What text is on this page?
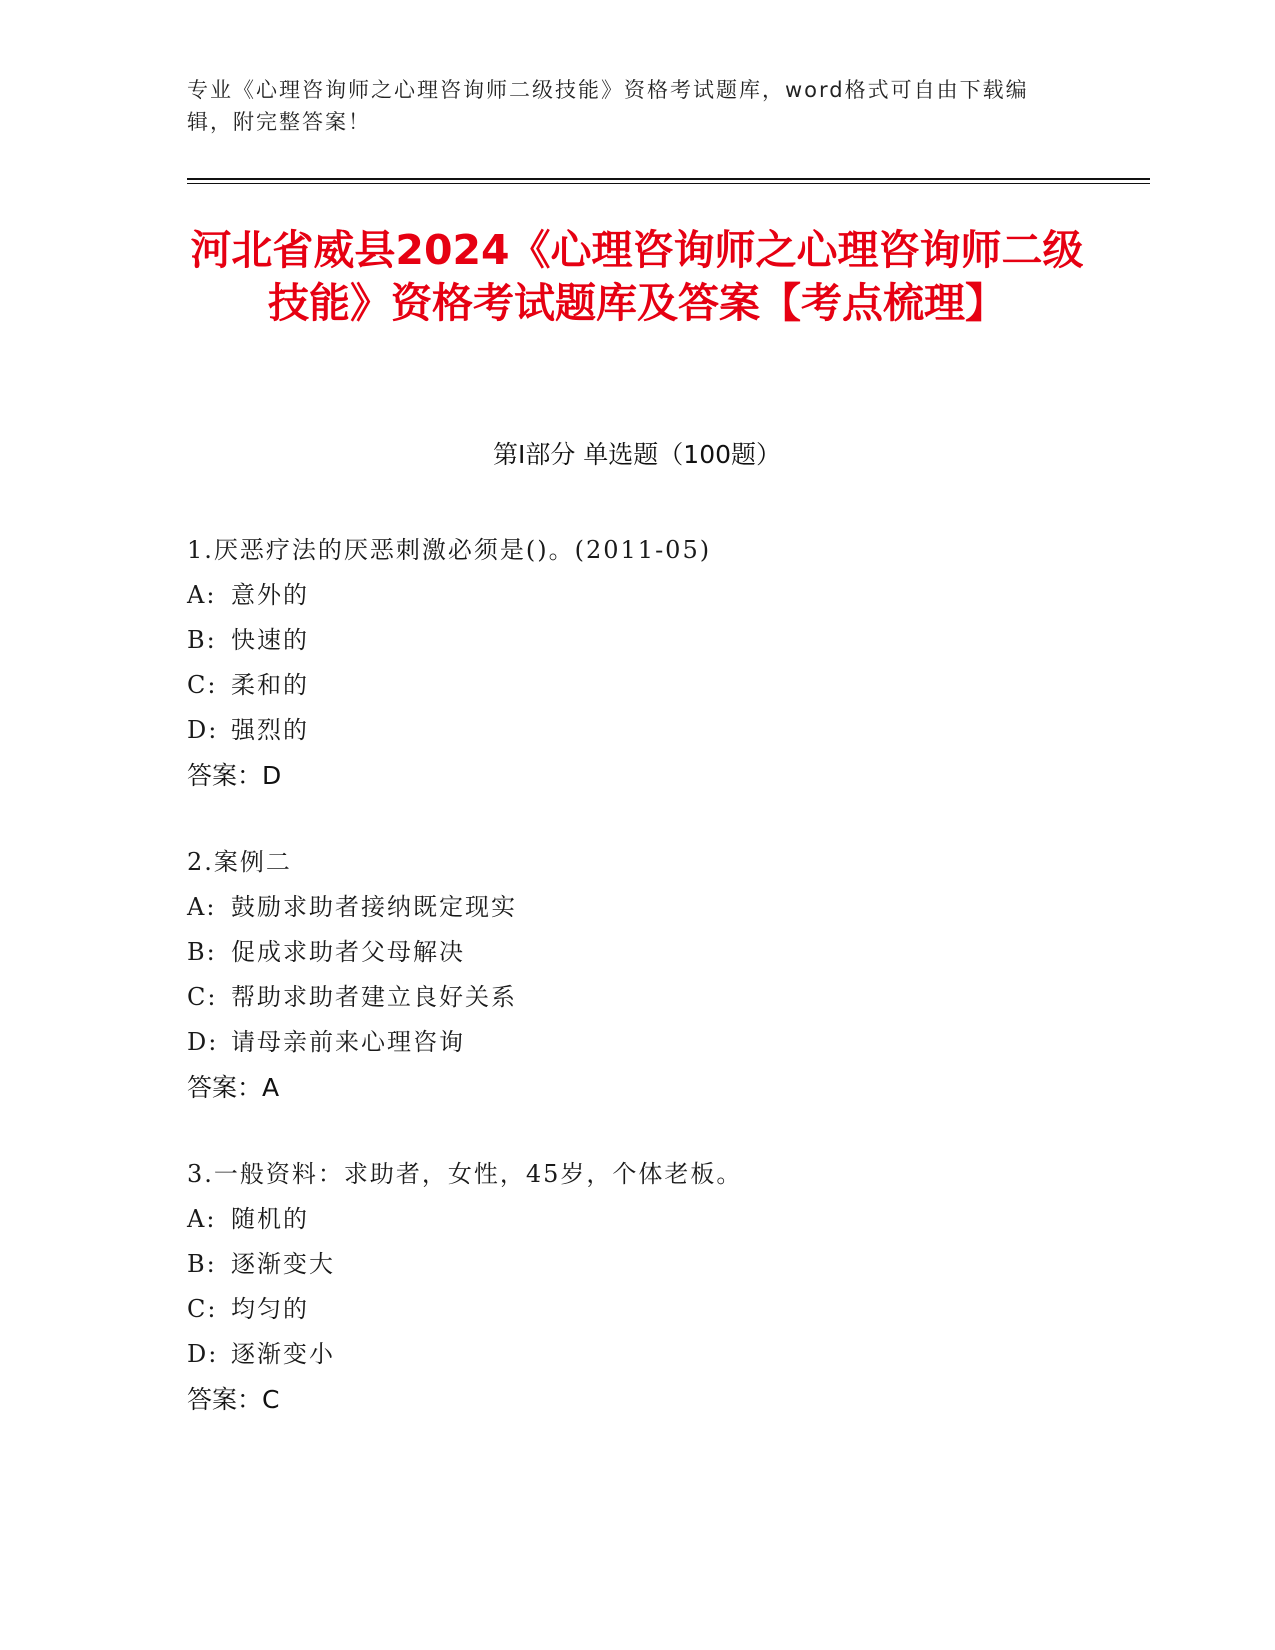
专业《心理咨询师之心理咨询师二级技能》资格考试题库，word格式可自由下载编辑，附完整答案！
河北省威县2024《心理咨询师之心理咨询师二级技能》资格考试题库及答案【考点梳理】
第Ⅰ部分 单选题（100题）
1.厌恶疗法的厌恶刺激必须是()。(2011-05)
A: 意外的
B: 快速的
C: 柔和的
D: 强烈的
答案：D
2.案例二
A: 鼓励求助者接纳既定现实
B: 促成求助者父母解决
C: 帮助求助者建立良好关系
D: 请母亲前来心理咨询
答案：A
3.一般资料：求助者，女性，45岁，个体老板。
A: 随机的
B: 逐渐变大
C: 均匀的
D: 逐渐变小
答案：C
